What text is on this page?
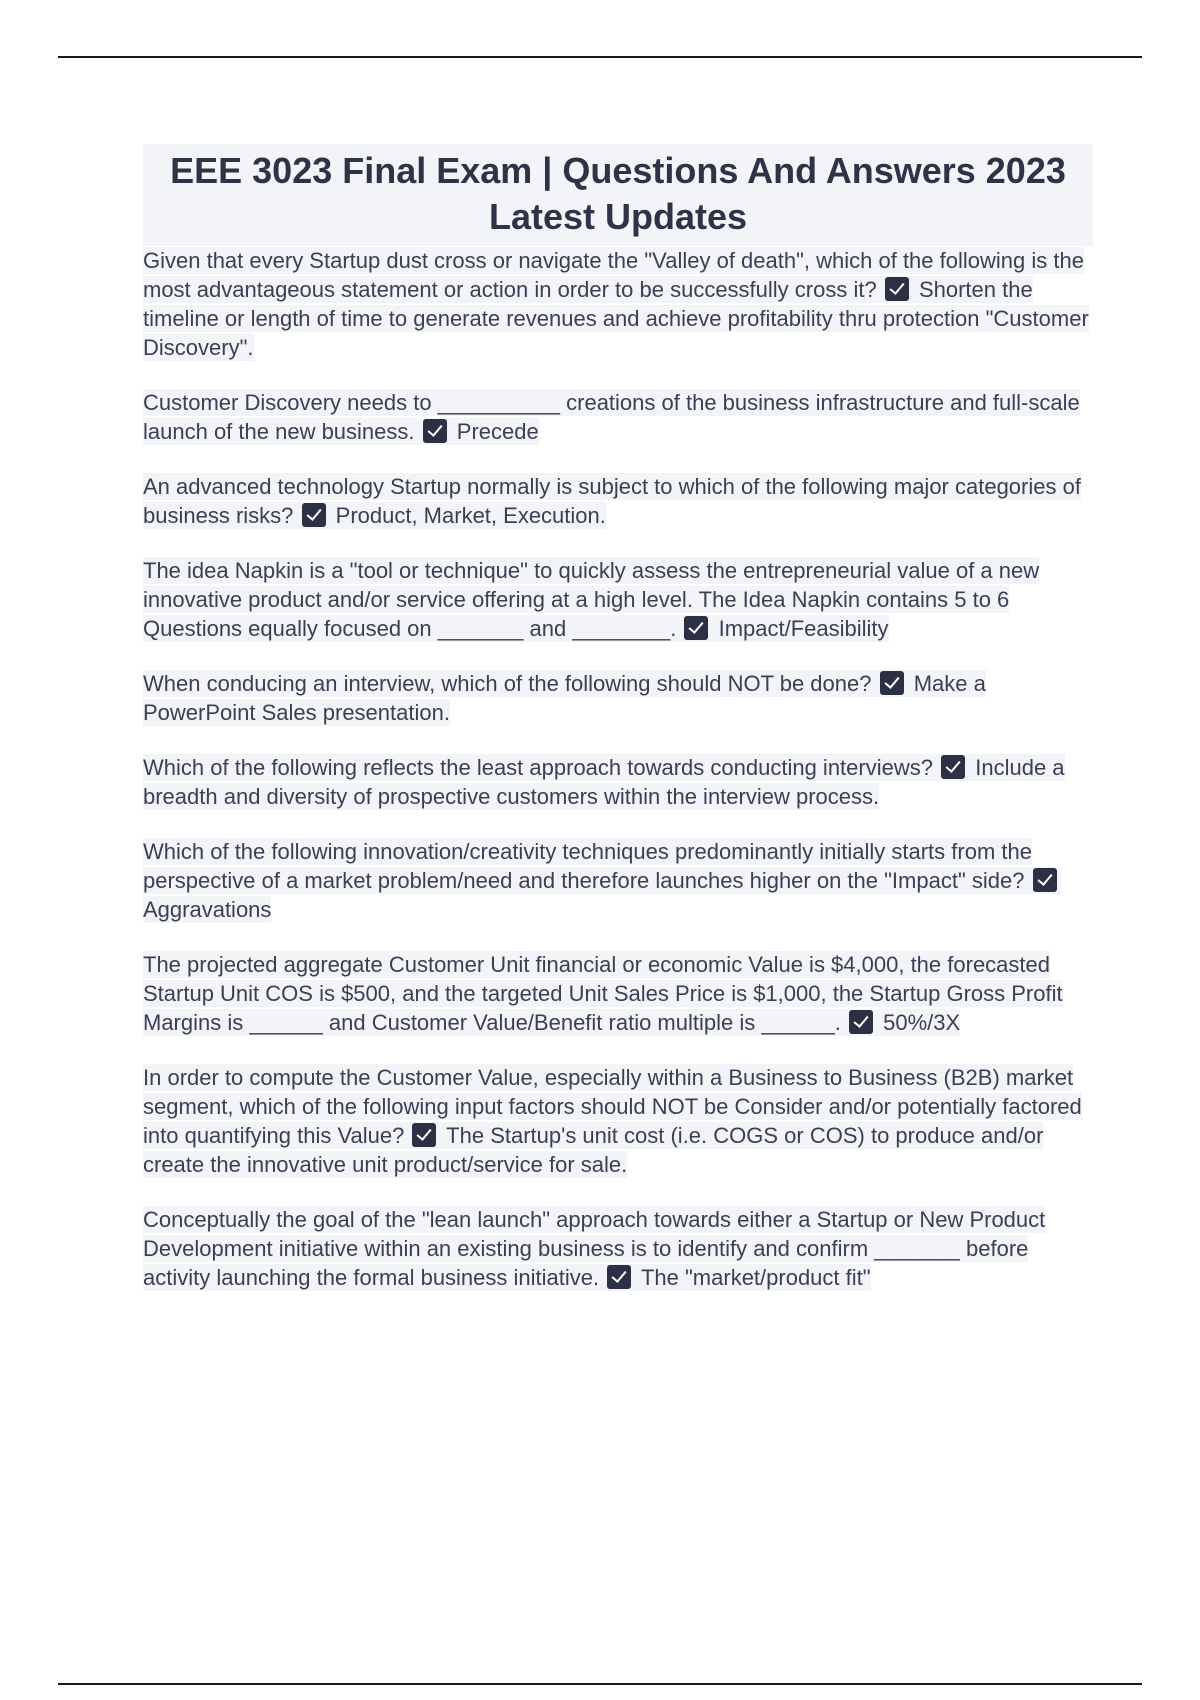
EEE 3023 Final Exam | Questions And Answers 2023 Latest Updates
Given that every Startup dust cross or navigate the "Valley of death", which of the following is the most advantageous statement or action in order to be successfully cross it? Shorten the timeline or length of time to generate revenues and achieve profitability thru protection "Customer Discovery".
Customer Discovery needs to __________ creations of the business infrastructure and full-scale launch of the new business. Precede
An advanced technology Startup normally is subject to which of the following major categories of business risks? Product, Market, Execution.
The idea Napkin is a "tool or technique" to quickly assess the entrepreneurial value of a new innovative product and/or service offering at a high level. The Idea Napkin contains 5 to 6 Questions equally focused on _______ and ________. Impact/Feasibility
When conducing an interview, which of the following should NOT be done? Make a PowerPoint Sales presentation.
Which of the following reflects the least approach towards conducting interviews? Include a breadth and diversity of prospective customers within the interview process.
Which of the following innovation/creativity techniques predominantly initially starts from the perspective of a market problem/need and therefore launches higher on the "Impact" side?  Aggravations
The projected aggregate Customer Unit financial or economic Value is $4,000, the forecasted Startup Unit COS is $500, and the targeted Unit Sales Price is $1,000, the Startup Gross Profit Margins is ______ and Customer Value/Benefit ratio multiple is ______. 50%/3X
In order to compute the Customer Value, especially within a Business to Business (B2B) market segment, which of the following input factors should NOT be Consider and/or potentially factored into quantifying this Value? The Startup's unit cost (i.e. COGS or COS) to produce and/or create the innovative unit product/service for sale.
Conceptually the goal of the "lean launch" approach towards either a Startup or New Product Development initiative within an existing business is to identify and confirm _______ before activity launching the formal business initiative. The "market/product fit"
